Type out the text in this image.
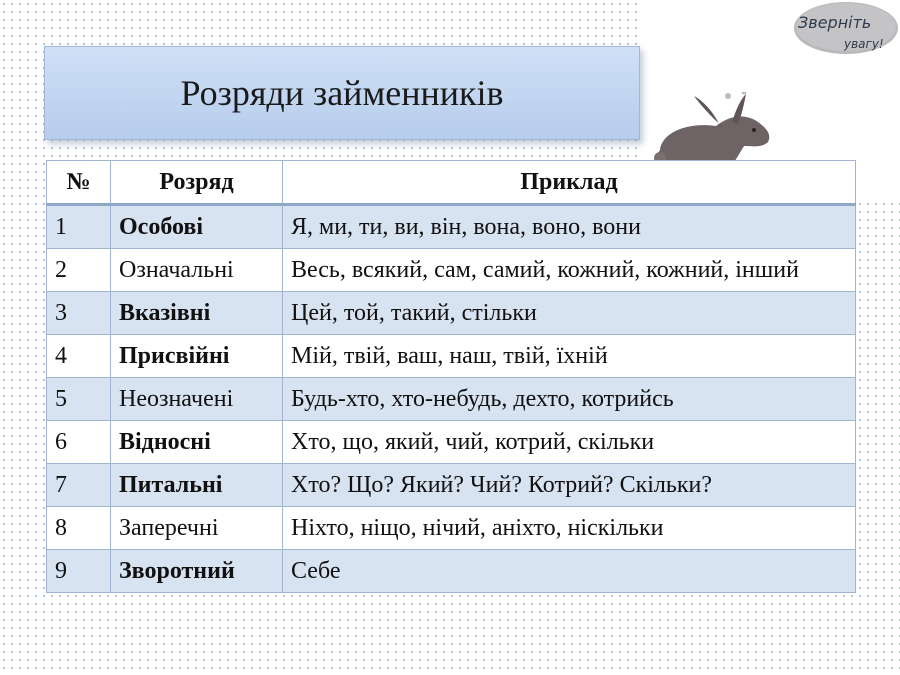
Розряди займенників
Зверніть
увагу!
№	Розряд	Приклад
1	Особові	Я, ми, ти, ви, він, вона, воно, вони
2	Означальні	Весь, всякий, сам, самий, кожний, кожний, інший
3	Вказівні	Цей, той, такий, стільки
4	Присвійні	Мій, твій, ваш, наш, твій, їхній
5	Неозначені	Будь-хто, хто-небудь, дехто, котрийсь
6	Відносні	Хто, що, який, чий, котрий, скільки
7	Питальні	Хто? Що? Який? Чий? Котрий? Скільки?
8	Заперечні	Ніхто, ніщо, нічий, аніхто, ніскільки
9	Зворотний	Себе
